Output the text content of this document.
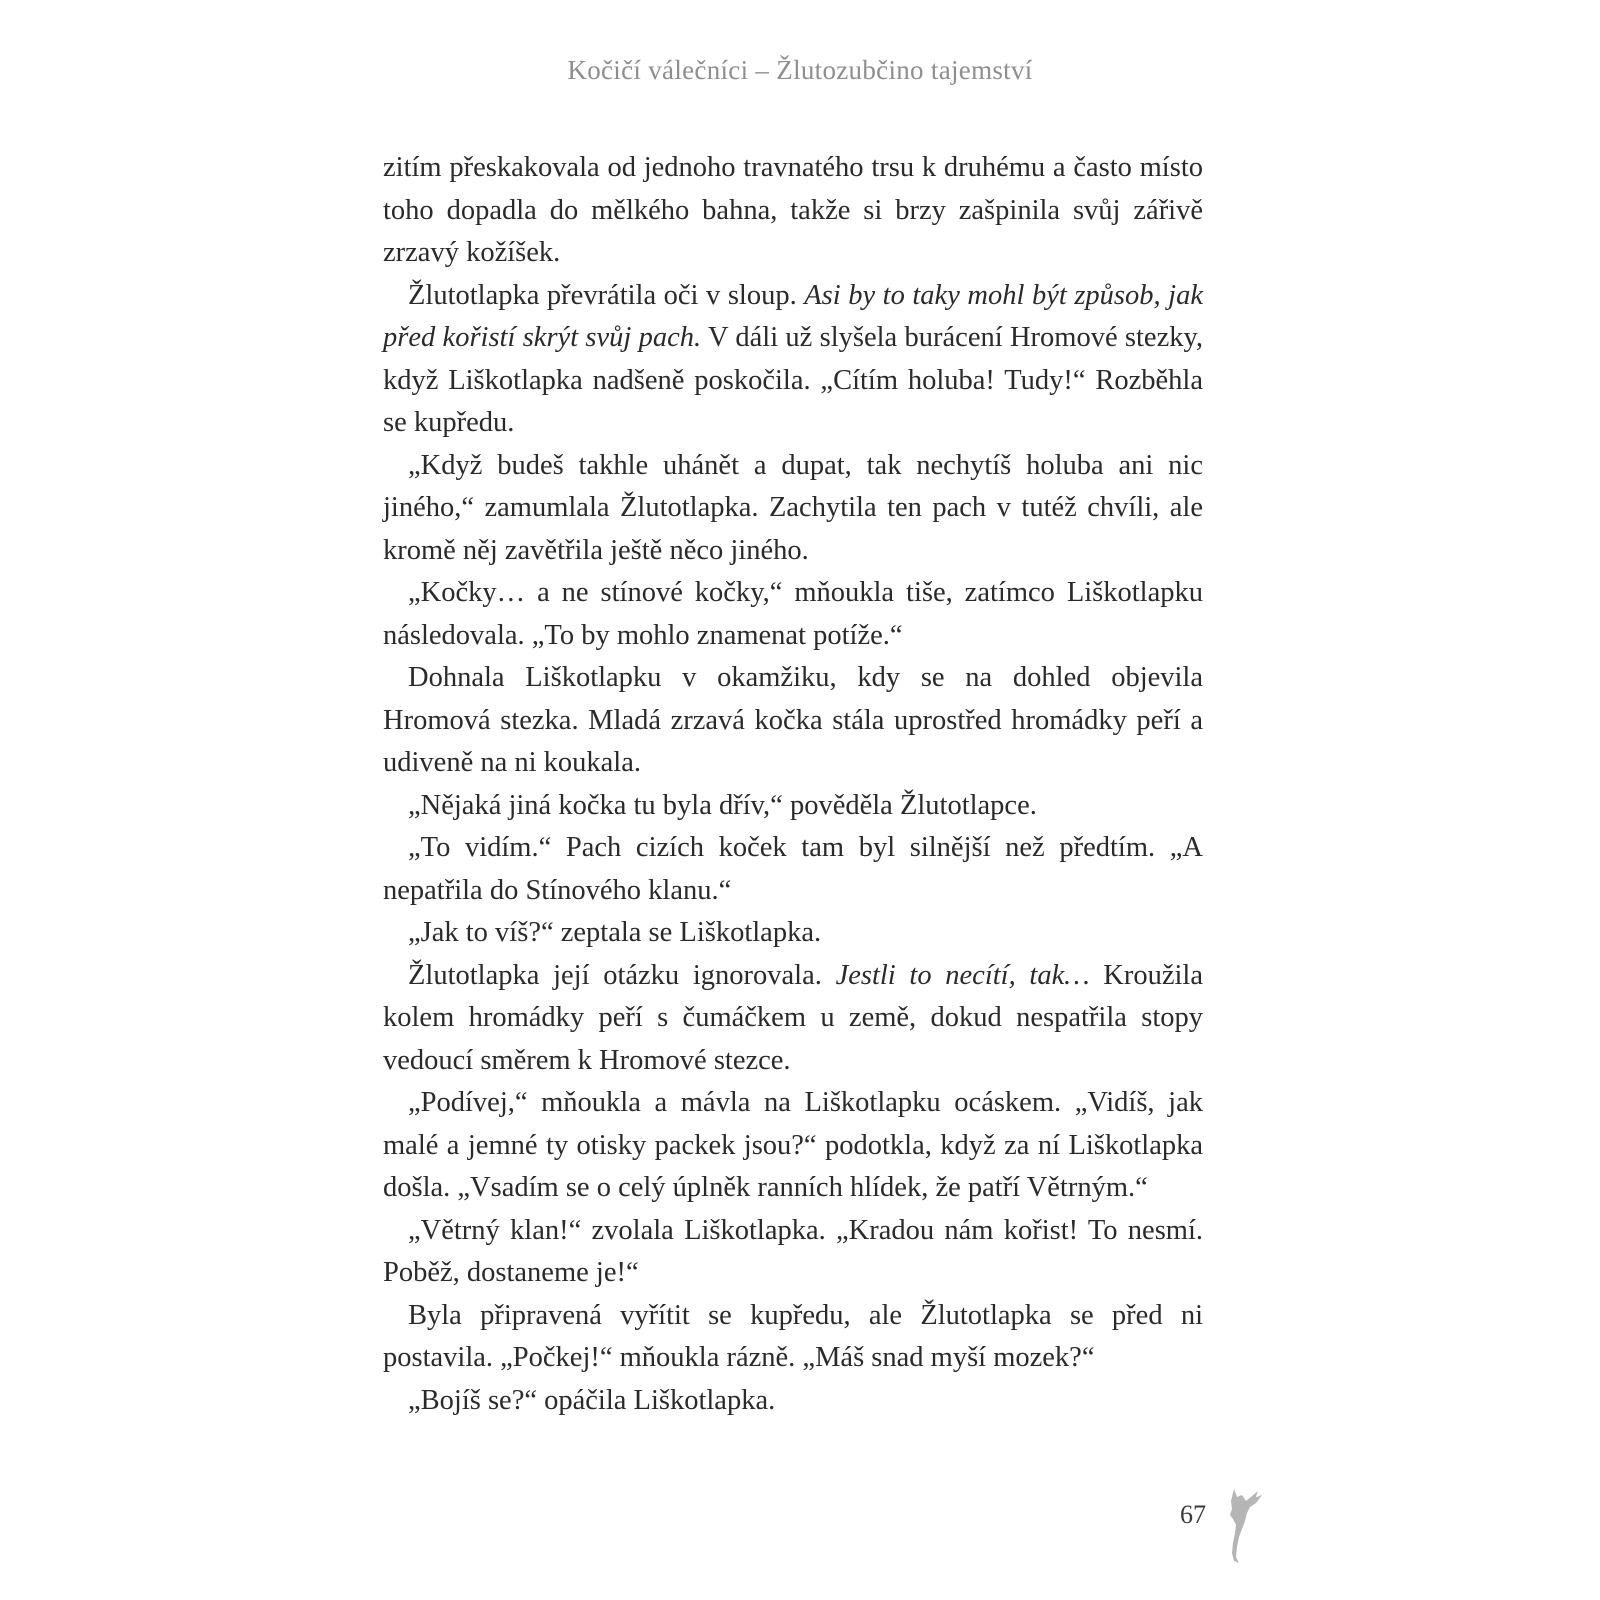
Kočičí válečníci – Žlutozubčino tajemství

zitím přeskakovala od jednoho travnatého trsu k druhému a často místo toho dopadla do mělkého bahna, takže si brzy zašpinila svůj zářivě zrzavý kožíšek.

Žlutotlapka převrátila oči v sloup. Asi by to taky mohl být způsob, jak před kořistí skrýt svůj pach. V dáli už slyšela burácení Hromové stezky, když Liškotlapka nadšeně poskočila. „Cítím holuba! Tudy!“ Rozběhla se kupředu.

„Když budeš takhle uhánět a dupat, tak nechytíš holuba ani nic jiného,“ zamumlala Žlutotlapka. Zachytila ten pach v tutéž chvíli, ale kromě něj zavětřila ještě něco jiného.

„Kočky… a ne stínové kočky,“ mňoukla tiše, zatímco Liškotlapku následovala. „To by mohlo znamenat potíže.“

Dohnala Liškotlapku v okamžiku, kdy se na dohled objevila Hromová stezka. Mladá zrzavá kočka stála uprostřed hromádky peří a udiveně na ni koukala.

„Nějaká jiná kočka tu byla dřív,“ pověděla Žlutotlapce.

„To vidím.“ Pach cizích koček tam byl silnější než předtím. „A nepatřila do Stínového klanu.“

„Jak to víš?“ zeptala se Liškotlapka.

Žlutotlapka její otázku ignorovala. Jestli to necítí, tak… Kroužila kolem hromádky peří s čumáčkem u země, dokud nespatřila stopy vedoucí směrem k Hromové stezce.

„Podívej,“ mňoukla a mávla na Liškotlapku ocáskem. „Vidíš, jak malé a jemné ty otisky packek jsou?“ podotkla, když za ní Liškotlapka došla. „Vsadím se o celý úplněk ranních hlídek, že patří Větrným.“

„Větrný klan!“ zvolala Liškotlapka. „Kradou nám kořist! To nesmí. Poběž, dostaneme je!“

Byla připravená vyřítit se kupředu, ale Žlutotlapka se před ni postavila. „Počkej!“ mňoukla rázně. „Máš snad myší mozek?“

„Bojíš se?“ opáčila Liškotlapka.

67
